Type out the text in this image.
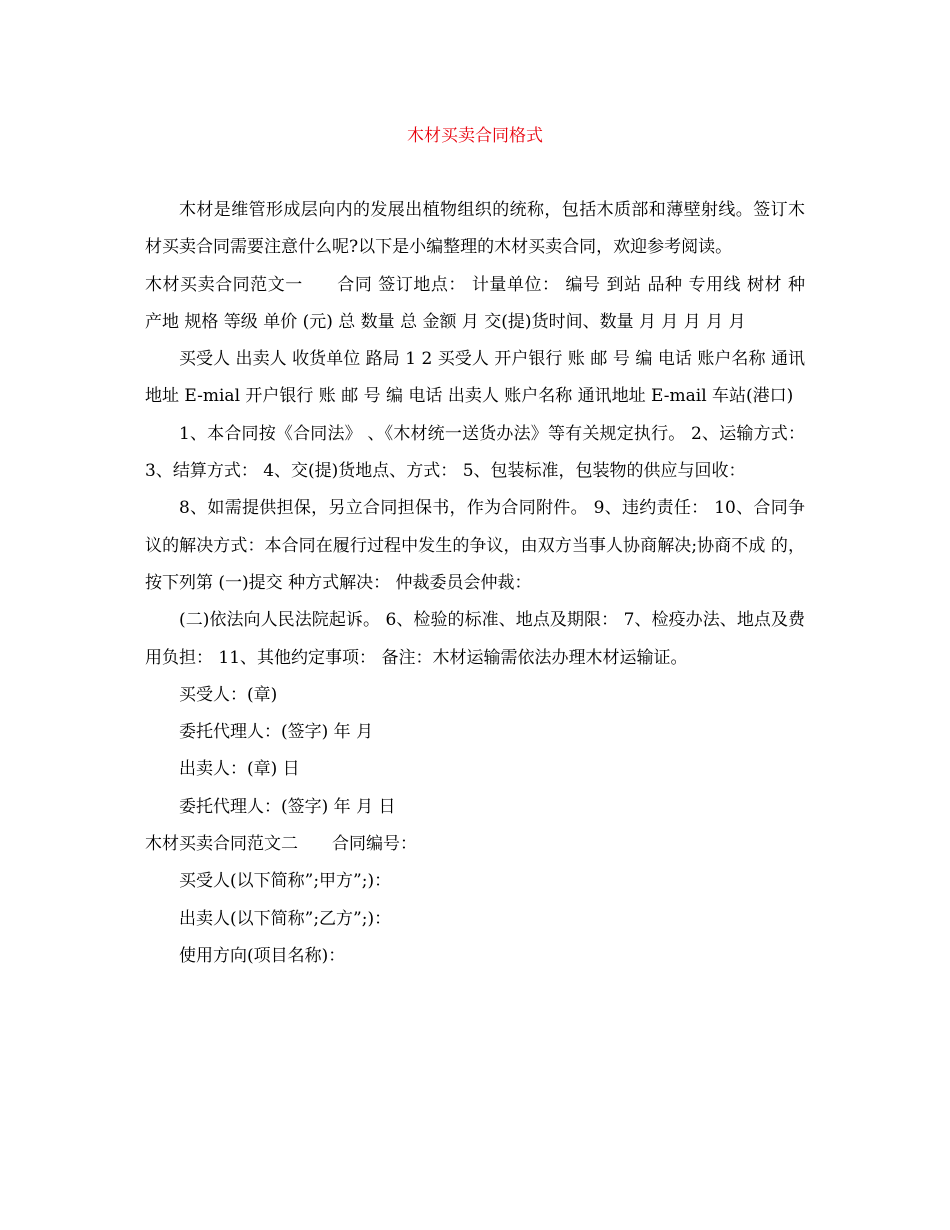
木材买卖合同格式

木材是维管形成层向内的发展出植物组织的统称，包括木质部和薄壁射线。签订木材买卖合同需要注意什么呢?以下是小编整理的木材买卖合同，欢迎参考阅读。

木材买卖合同范文一 合同 签订地点： 计量单位： 编号 到站 品种 专用线 树材 种 产地 规格 等级 单价 (元) 总 数量 总 金额 月 交(提)货时间、数量 月 月 月 月 月

买受人 出卖人 收货单位 路局 1 2 买受人 开户银行 账 邮 号 编 电话 账户名称 通讯地址 E-mial 开户银行 账 邮 号 编 电话 出卖人 账户名称 通讯地址 E-mail 车站(港口)

1、本合同按《合同法》 、《木材统一送货办法》等有关规定执行。 2、运输方式： 3、结算方式： 4、交(提)货地点、方式： 5、包装标准，包装物的供应与回收：

8、如需提供担保，另立合同担保书，作为合同附件。 9、违约责任： 10、合同争议的解决方式：本合同在履行过程中发生的争议，由双方当事人协商解决;协商不成 的，按下列第 (一)提交 种方式解决： 仲裁委员会仲裁：

(二)依法向人民法院起诉。 6、检验的标准、地点及期限： 7、检疫办法、地点及费用负担： 11、其他约定事项： 备注：木材运输需依法办理木材运输证。

买受人：(章)

委托代理人：(签字) 年 月

出卖人：(章) 日

委托代理人：(签字) 年 月 日

木材买卖合同范文二 合同编号：

买受人(以下简称”;甲方”;)：

出卖人(以下简称”;乙方”;)：

使用方向(项目名称)：
